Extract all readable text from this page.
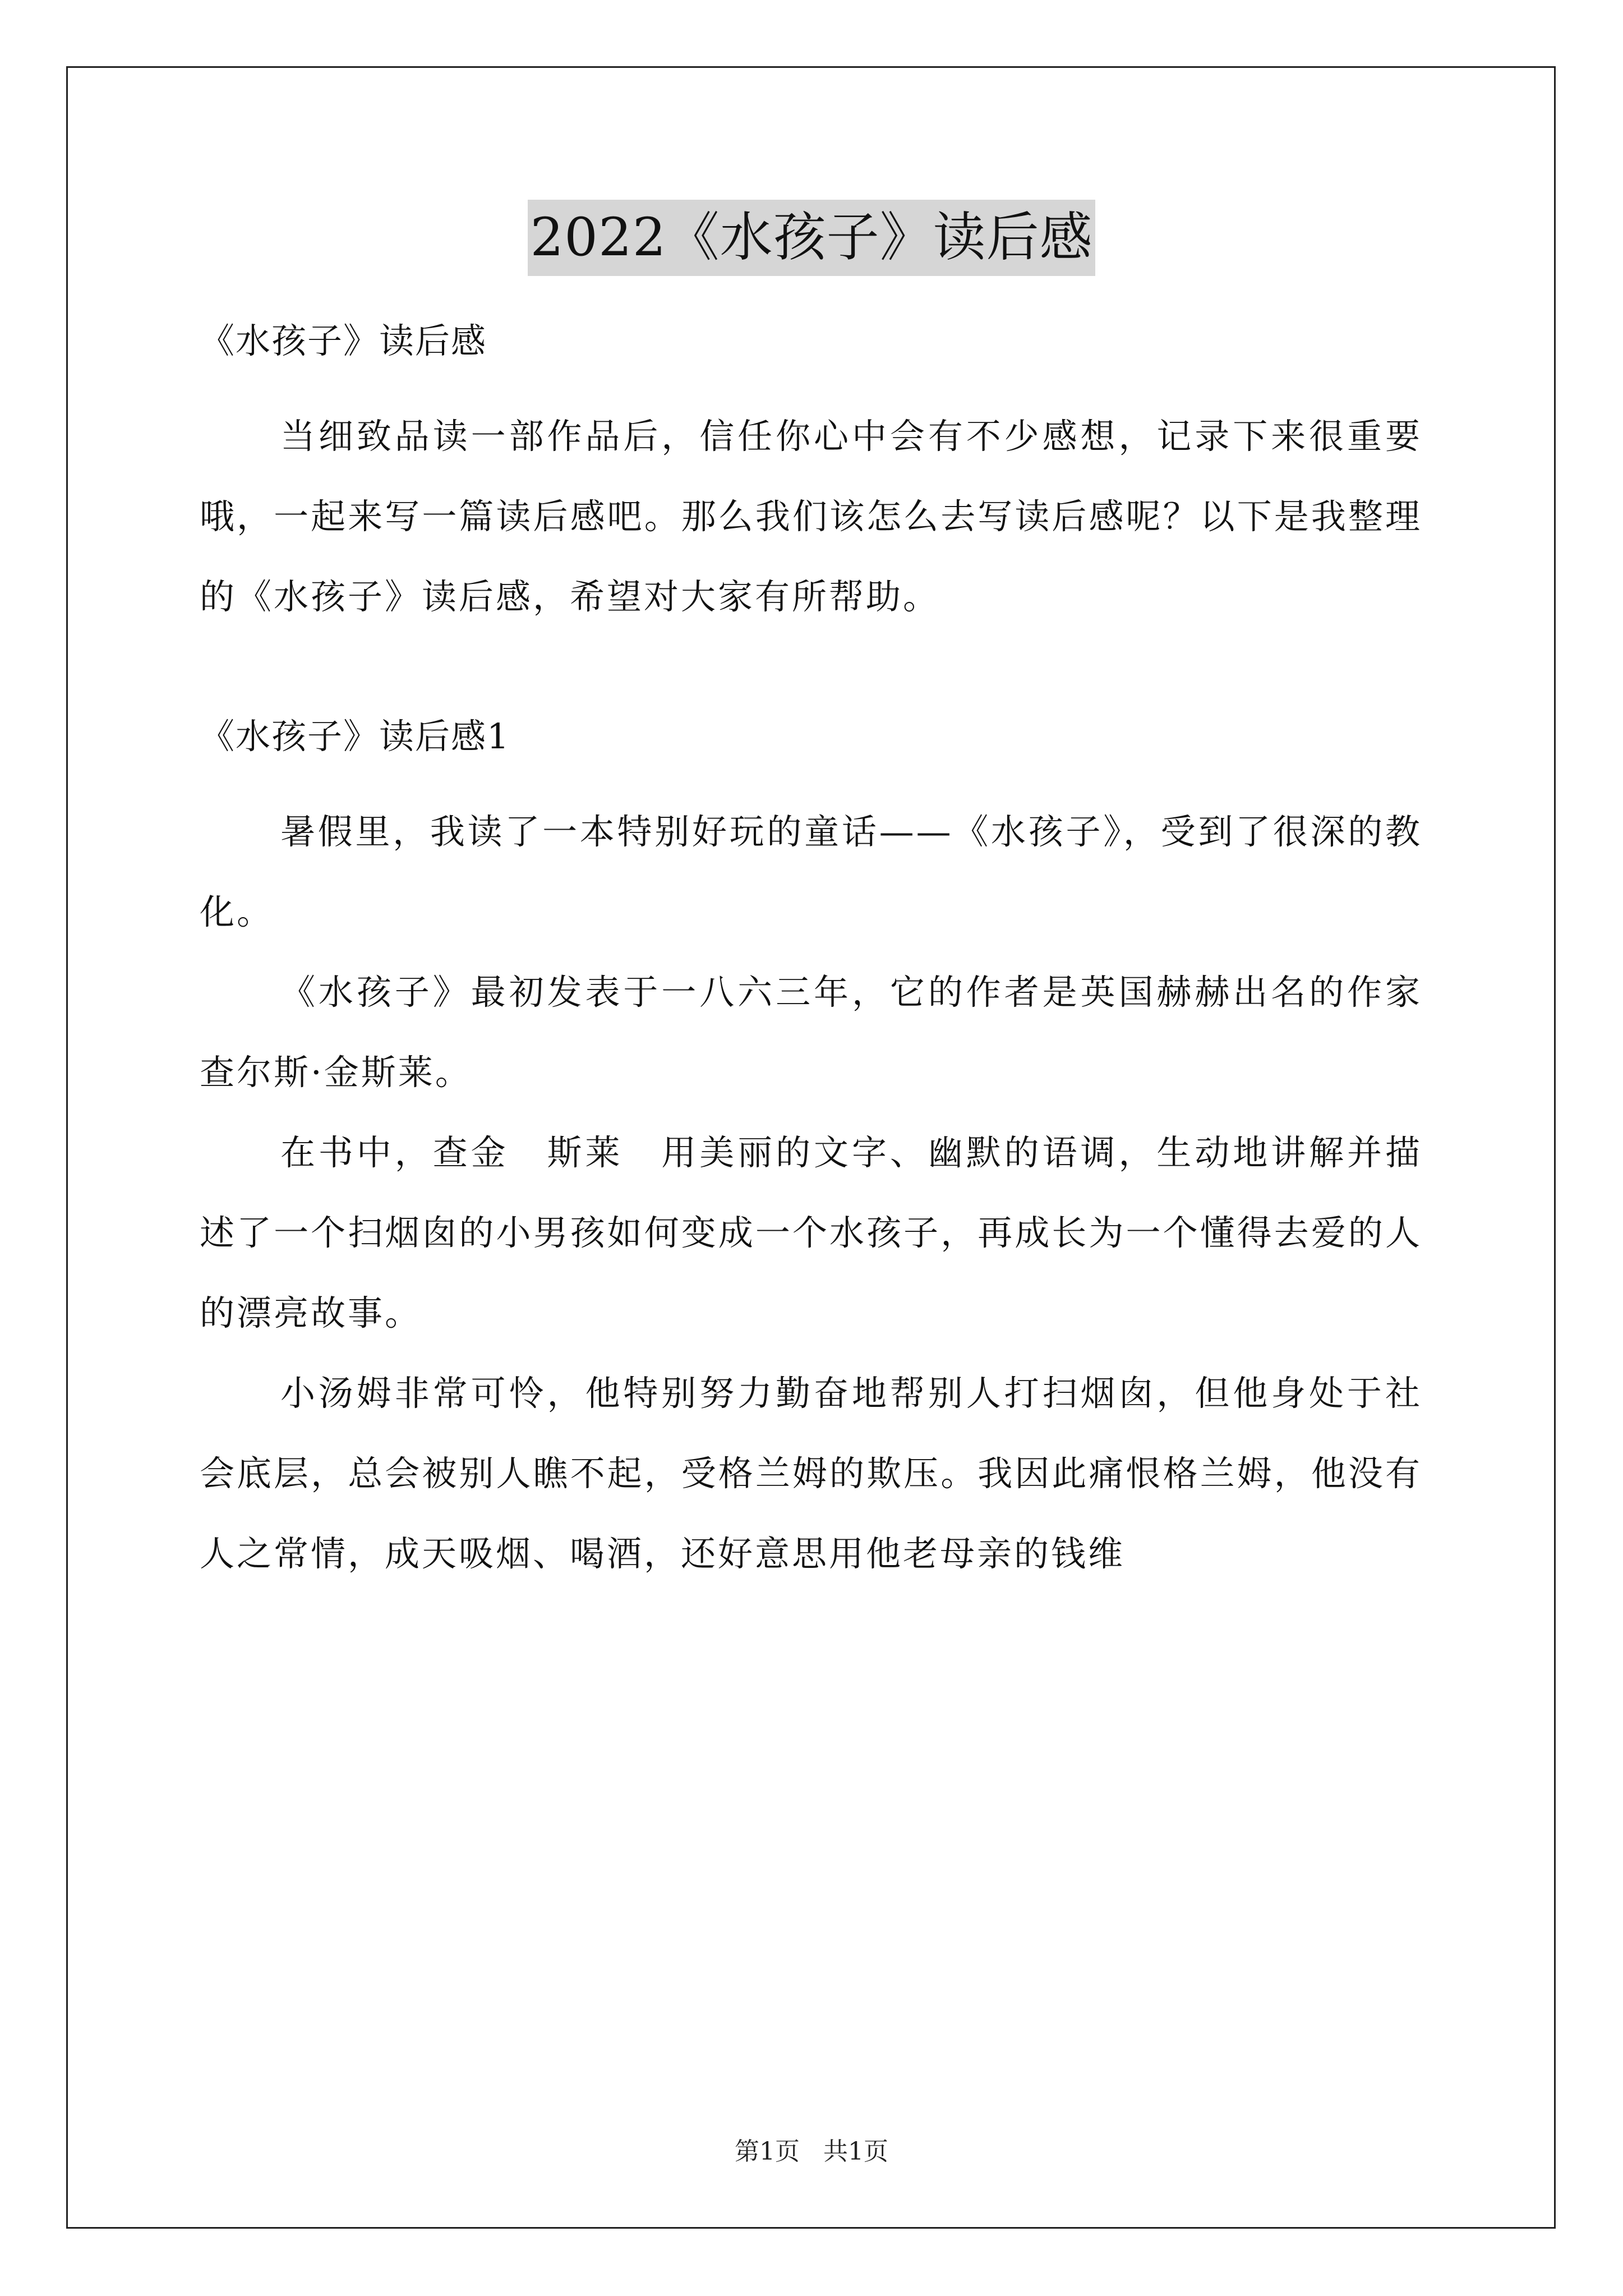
2022《水孩子》读后感

《水孩子》读后感

当细致品读一部作品后，信任你心中会有不少感想，记录下来很重要哦，一起来写一篇读后感吧。那么我们该怎么去写读后感呢？以下是我整理的《水孩子》读后感，希望对大家有所帮助。

《水孩子》读后感1

暑假里，我读了一本特别好玩的童话——《水孩子》，受到了很深的教化。

《水孩子》最初发表于一八六三年，它的作者是英国赫赫出名的作家　　　查尔斯·金斯莱。

在书中，查金　斯莱　用美丽的文字、幽默的语调，生动地讲解并描述了一个扫烟囱的小男孩如何变成一个水孩子，再成长为一个懂得去爱的人的漂亮故事。

小汤姆非常可怜，他特别努力勤奋地帮别人打扫烟囱，但他身处于社会底层，总会被别人瞧不起，受格兰姆的欺压。我因此痛恨格兰姆，他没有人之常情，成天吸烟、喝酒，还好意思用他老母亲的钱维

第1页 共1页
